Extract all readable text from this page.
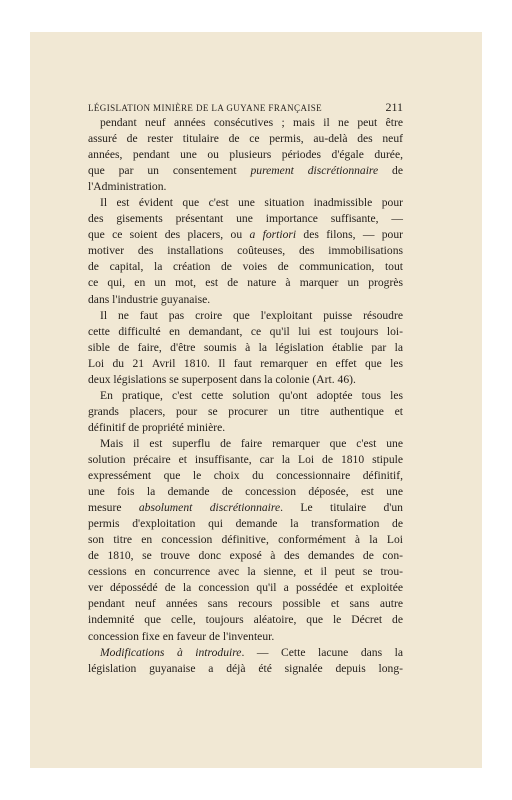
LÉGISLATION MINIÈRE DE LA GUYANE FRANÇAISE	211
pendant neuf années consécutives ; mais il ne peut être
assuré de rester titulaire de ce permis, au-delà des neuf
années, pendant une ou plusieurs périodes d'égale durée,
que par un consentement purement discrétionnaire de
l'Administration.
Il est évident que c'est une situation inadmissible pour
des gisements présentant une importance suffisante, —
que ce soient des placers, ou a fortiori des filons, — pour
motiver des installations coûteuses, des immobilisations
de capital, la création de voies de communication, tout
ce qui, en un mot, est de nature à marquer un progrès
dans l'industrie guyanaise.
Il ne faut pas croire que l'exploitant puisse résoudre
cette difficulté en demandant, ce qu'il lui est toujours loi-
sible de faire, d'être soumis à la législation établie par la
Loi du 21 Avril 1810. Il faut remarquer en effet que les
deux législations se superposent dans la colonie (Art. 46).
En pratique, c'est cette solution qu'ont adoptée tous les
grands placers, pour se procurer un titre authentique et
définitif de propriété minière.
Mais il est superflu de faire remarquer que c'est une
solution précaire et insuffisante, car la Loi de 1810 stipule
expressément que le choix du concessionnaire définitif,
une fois la demande de concession déposée, est une
mesure absolument discrétionnaire. Le titulaire d'un
permis d'exploitation qui demande la transformation de
son titre en concession définitive, conformément à la Loi
de 1810, se trouve donc exposé à des demandes de con-
cessions en concurrence avec la sienne, et il peut se trou-
ver dépossédé de la concession qu'il a possédée et exploitée
pendant neuf années sans recours possible et sans autre
indemnité que celle, toujours aléatoire, que le Décret de
concession fixe en faveur de l'inventeur.
Modifications à introduire. — Cette lacune dans la
législation guyanaise a déjà été signalée depuis long-
